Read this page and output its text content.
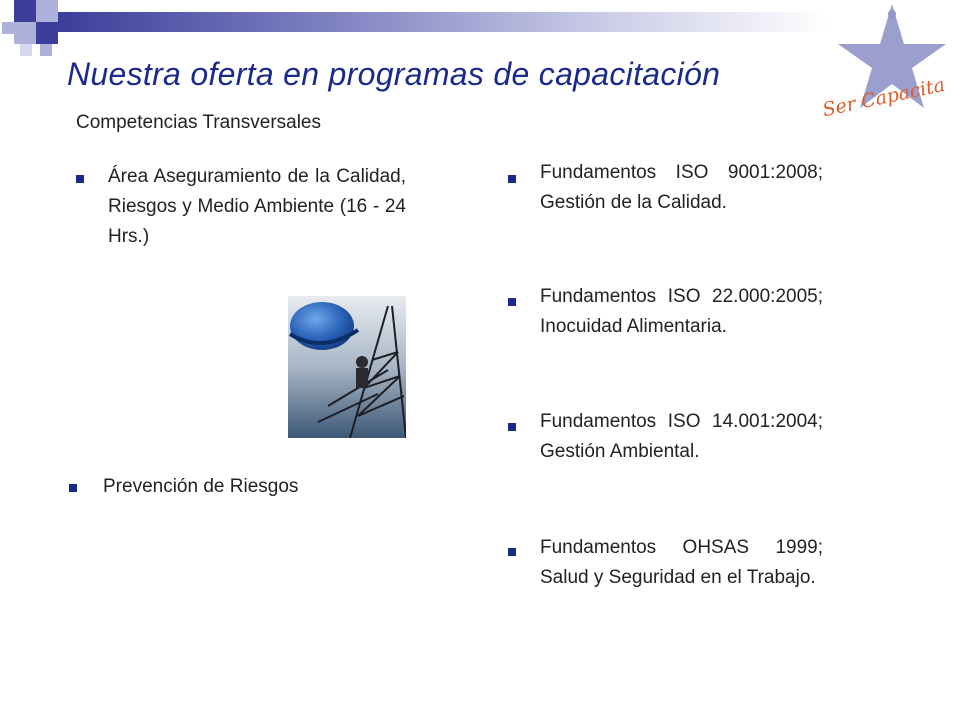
Ser Capacita
Nuestra oferta en programas de capacitación
Competencias Transversales
Área Aseguramiento de la Calidad, Riesgos y Medio Ambiente (16 - 24 Hrs.)
Prevención de Riesgos
Fundamentos ISO 9001:2008; Gestión de la Calidad.
Fundamentos ISO 22.000:2005; Inocuidad Alimentaria.
Fundamentos ISO 14.001:2004; Gestión Ambiental.
Fundamentos OHSAS 1999; Salud y Seguridad en el Trabajo.
